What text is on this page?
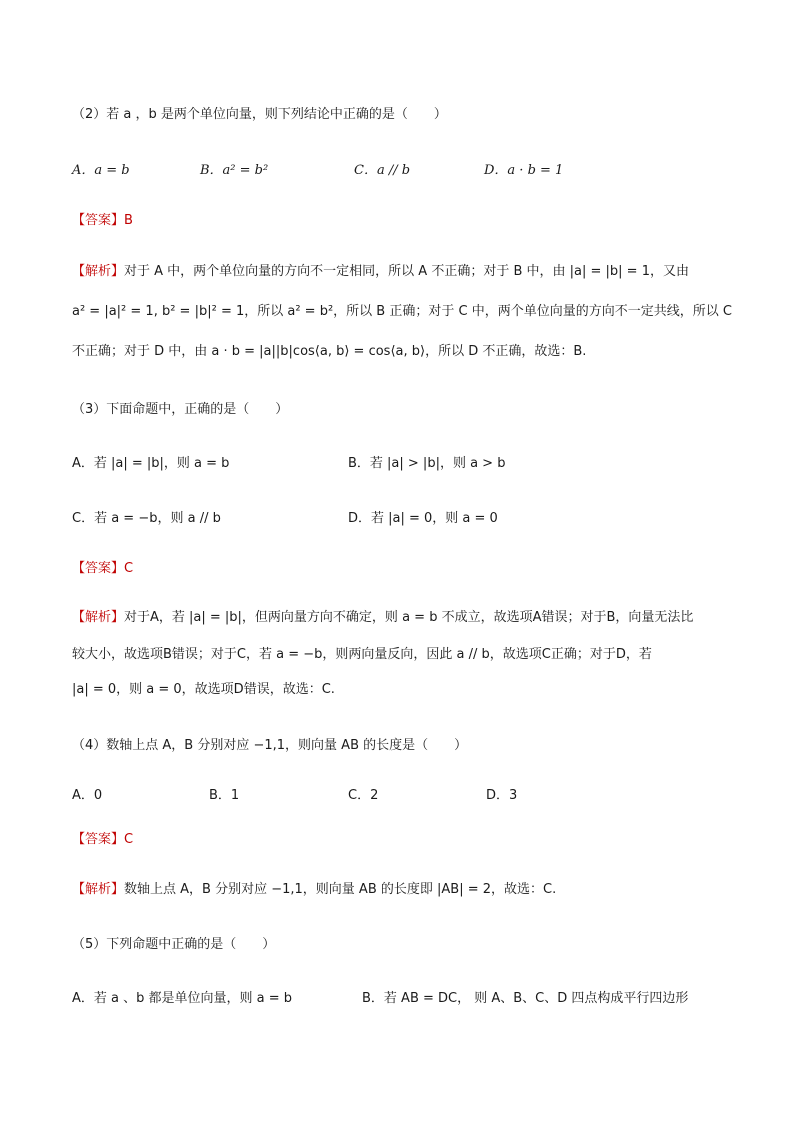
（2）若 a ，b 是两个单位向量，则下列结论中正确的是（　　）
A．a = b	B．a² = b²	C．a // b	D．a · b = 1
【答案】B
【解析】对于 A 中，两个单位向量的方向不一定相同，所以 A 不正确；对于 B 中，由 |a| = |b| = 1，又由
a² = |a|² = 1, b² = |b|² = 1，所以 a² = b²，所以 B 正确；对于 C 中，两个单位向量的方向不一定共线，所以 C
不正确；对于 D 中，由 a · b = |a||b|cos⟨a, b⟩ = cos⟨a, b⟩，所以 D 不正确，故选：B.
（3）下面命题中，正确的是（　　）
A．若 |a| = |b|，则 a = b	B．若 |a| > |b|，则 a > b
C．若 a = −b，则 a // b	D．若 |a| = 0，则 a = 0
【答案】C
【解析】对于A，若 |a| = |b|，但两向量方向不确定，则 a = b 不成立，故选项A错误；对于B，向量无法比
较大小，故选项B错误；对于C，若 a = −b，则两向量反向，因此 a // b，故选项C正确；对于D，若
|a| = 0，则 a = 0，故选项D错误，故选：C.
（4）数轴上点 A，B 分别对应 −1,1，则向量 AB 的长度是（　　）
A．0	B．1	C．2	D．3
【答案】C
【解析】数轴上点 A，B 分别对应 −1,1，则向量 AB 的长度即 |AB| = 2，故选：C.
（5）下列命题中正确的是（　　）
A．若 a 、b 都是单位向量，则 a = b	B．若 AB = DC， 则 A、B、C、D 四点构成平行四边形
